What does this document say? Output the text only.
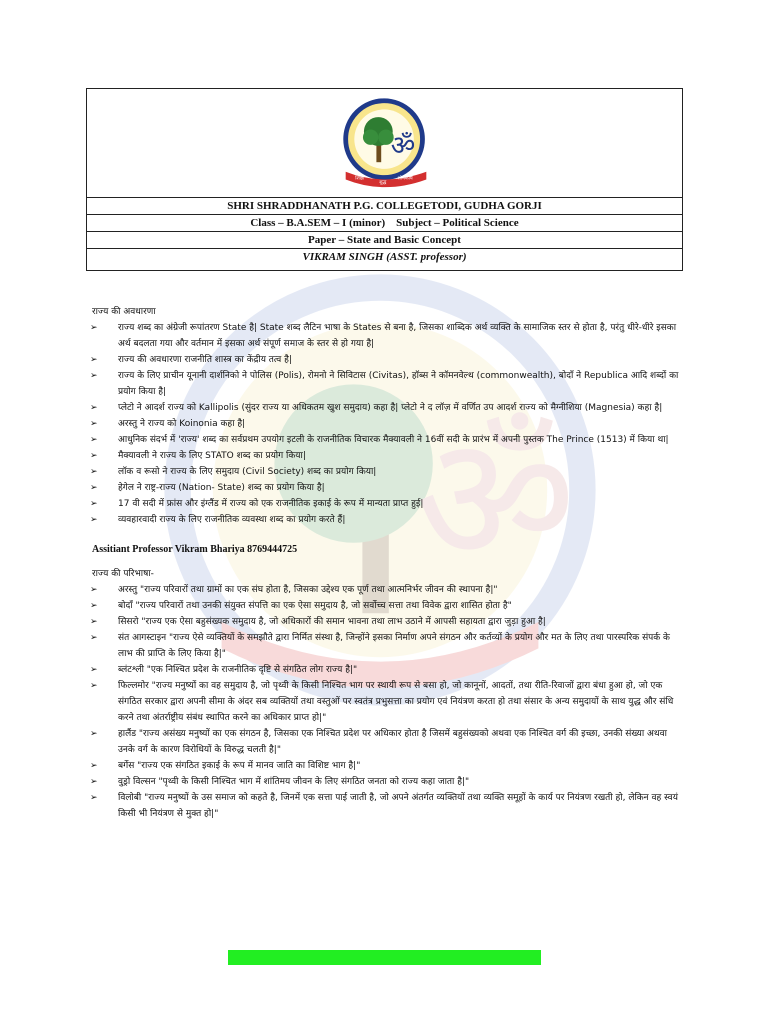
ॐ
ॐ
शिक्षा
शुद्ध
शोधकार्य
SHRI SHRADDHANATH P.G. COLLEGETODI, GUDHA GORJI
Class – B.A.SEM – I (minor)    Subject – Political Science
Paper – State and Basic Concept
VIKRAM SINGH (ASST. professor)
राज्य की अवधारणा
➢	राज्य शब्द का अंग्रेजी रूपांतरण State है| State शब्द लैटिन भाषा के States से बना है, जिसका शाब्दिक अर्थ व्यक्ति के सामाजिक स्तर से होता है, परंतु धीरे-धीरे इसका अर्थ बदलता गया और वर्तमान में इसका अर्थ संपूर्ण समाज के स्तर से हो गया है|
➢	राज्य की अवधारणा राजनीति शास्त्र का केंद्रीय तत्व है|
➢	राज्य के लिए प्राचीन यूनानी दार्शनिको ने पोलिस (Polis), रोमनो ने सिविटास (Civitas), हॉब्स ने कॉमनवेल्थ (commonwealth), बोदाँ ने Republica आदि शब्दों का प्रयोग किया है|
➢	प्लेटो ने आदर्श राज्य को Kallipolis (सुंदर राज्य या अधिकतम खुश समुदाय) कहा है| प्लेटो ने द लॉज़ में वर्णित उप आदर्श राज्य को मैग्नीशिया (Magnesia) कहा है|
➢	अरस्तु ने राज्य को Koinonia कहा है|
➢	आधुनिक संदर्भ में 'राज्य' शब्द का सर्वप्रथम उपयोग इटली के राजनीतिक विचारक मैक्यावली ने 16वीं सदी के प्रारंभ में अपनी पुस्तक The Prince (1513) में किया था|
➢	मैक्यावली ने राज्य के लिए STATO शब्द का प्रयोग किया|
➢	लॉक व रूसो ने राज्य के लिए समुदाय (Civil Society) शब्द का प्रयोग किया|
➢	हेगेल ने राष्ट्र-राज्य (Nation- State) शब्द का प्रयोग किया है|
➢	17 वी सदी में फ्रांस और इंग्लैंड में राज्य को एक राजनीतिक इकाई के रूप में मान्यता प्राप्त हुई|
➢	व्यवहारवादी राज्य के लिए राजनीतिक व्यवस्था शब्द का प्रयोग करते हैं|
Assitiant Professor Vikram Bhariya 8769444725
राज्य की परिभाषा-
➢	अरस्तु "राज्य परिवारों तथा ग्रामों का एक संघ होता है, जिसका उद्देश्य एक पूर्ण तथा आत्मनिर्भर जीवन की स्थापना है|"
➢	बोदाँ "राज्य परिवारों तथा उनकी संयुक्त संपत्ति का एक ऐसा समुदाय है, जो सर्वोच्च सत्ता तथा विवेक द्वारा शासित होता है"
➢	सिसरो "राज्य एक ऐसा बहुसंख्यक समुदाय है, जो अधिकारों की समान भावना तथा लाभ उठाने में आपसी सहायता द्वारा जुड़ा हुआ है|
➢	संत आगस्टाइन "राज्य ऐसे व्यक्तियों के समझौते द्वारा निर्मित संस्था है, जिन्होंने इसका निर्माण अपने संगठन और कर्तव्यों के प्रयोग और मत के लिए तथा पारस्परिक संपर्क के लाभ की प्राप्ति के लिए किया है|"
➢	ब्लंटश्ली "एक निश्चित प्रदेश के राजनीतिक दृष्टि से संगठित लोग राज्य है|"
➢	फिल्लमोर "राज्य मनुष्यों का वह समुदाय है, जो पृथ्वी के किसी निश्चित भाग पर स्थायी रूप से बसा हो, जो कानूनों, आदतों, तथा रीति-रिवाजों द्वारा बंधा हुआ हो, जो एक संगठित सरकार द्वारा अपनी सीमा के अंदर सब व्यक्तियों तथा वस्तुओं पर स्वतंत्र प्रभुसत्ता का प्रयोग एवं नियंत्रण करता हो तथा संसार के अन्य समुदायों के साथ युद्ध और संधि करने तथा अंतर्राष्ट्रीय संबंध स्थापित करने का अधिकार प्राप्त हो|"
➢	हालैंड "राज्य असंख्य मनुष्यों का एक संगठन है, जिसका एक निश्चित प्रदेश पर अधिकार होता है जिसमें बहुसंख्यको अथवा एक निश्चित वर्ग की इच्छा, उनकी संख्या अथवा उनके वर्ग के कारण विरोधियों के विरुद्ध चलती है|"
➢	बर्गेस "राज्य एक संगठित इकाई के रूप में मानव जाति का विशिष्ट भाग है|"
➢	वुड्रो विल्सन "पृथ्वी के किसी निश्चित भाग में शांतिमय जीवन के लिए संगठित जनता को राज्य कहा जाता है|"
➢	विलोबी "राज्य मनुष्यों के उस समाज को कहते है, जिनमें एक सत्ता पाई जाती है, जो अपने अंतर्गत व्यक्तियों तथा व्यक्ति समूहों के कार्य पर नियंत्रण रखती हो, लेकिन वह स्वयं किसी भी नियंत्रण से मुक्त हो|"
